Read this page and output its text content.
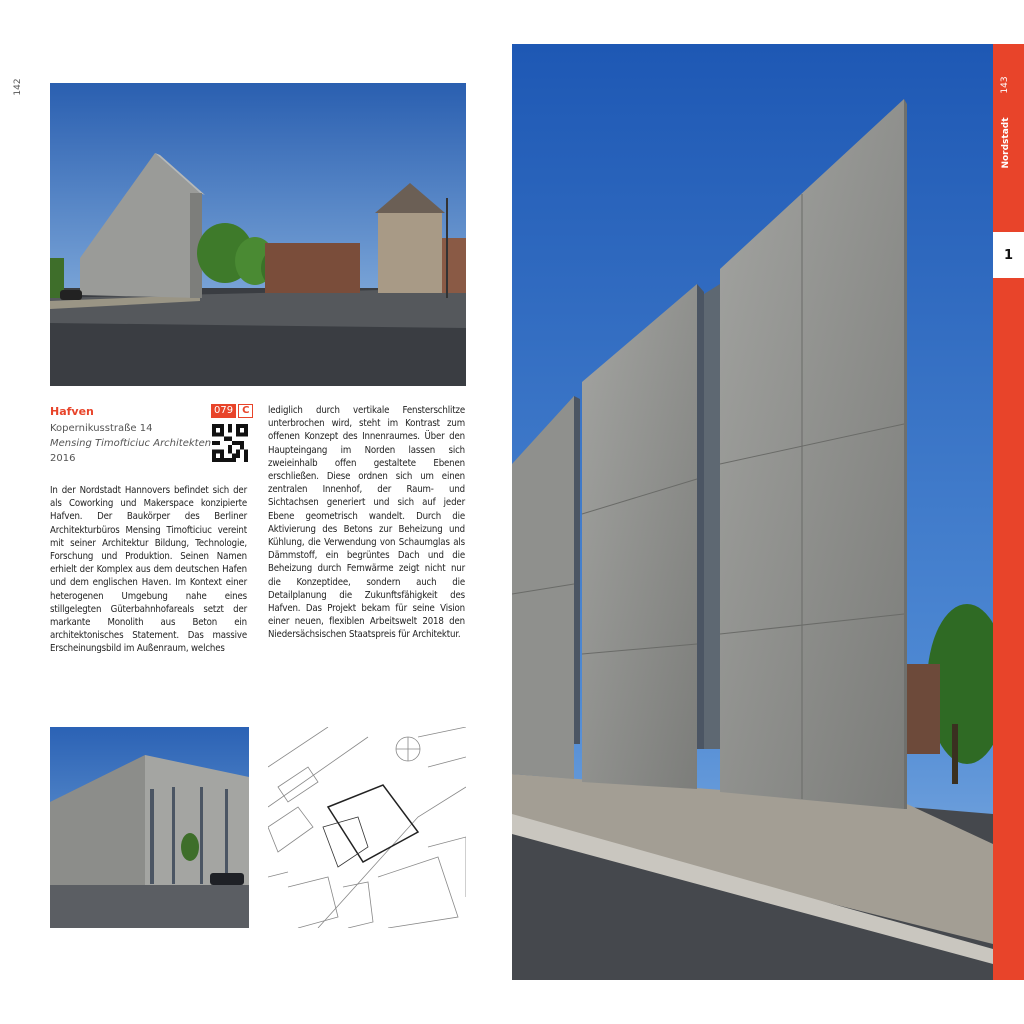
142
Hafven
Kopernikusstraße 14
Mensing Timofticiuc Architekten
2016
079 C
In der Nordstadt Hannovers befindet sich der als Coworking und Makerspace konzipierte Hafven. Der Baukörper des Berliner Architekturbüros Mensing Timofticiuc vereint mit seiner Architektur Bildung, Technologie, Forschung und Produktion. Seinen Namen erhielt der Komplex aus dem deutschen Hafen und dem englischen Haven. Im Kontext einer heterogenen Umgebung nahe eines stillgelegten Güterbahnhofareals setzt der markante Monolith aus Beton ein architektonisches Statement. Das massive Erscheinungsbild im Außenraum, welches
lediglich durch vertikale Fensterschlitze unterbrochen wird, steht im Kontrast zum offenen Konzept des Innenraumes. Über den Haupteingang im Norden lassen sich zweieinhalb offen gestaltete Ebenen erschließen. Diese ordnen sich um einen zentralen Innenhof, der Raum- und Sichtachsen generiert und sich auf jeder Ebene geometrisch wandelt. Durch die Aktivierung des Betons zur Beheizung und Kühlung, die Verwendung von Schaumglas als Dämmstoff, ein begrüntes Dach und die Beheizung durch Fernwärme zeigt nicht nur die Konzeptidee, sondern auch die Detailplanung die Zukunftsfähigkeit des Hafven. Das Projekt bekam für seine Vision einer neuen, flexiblen Arbeitswelt 2018 den Niedersächsischen Staatspreis für Architektur.
143
Nordstadt
1
